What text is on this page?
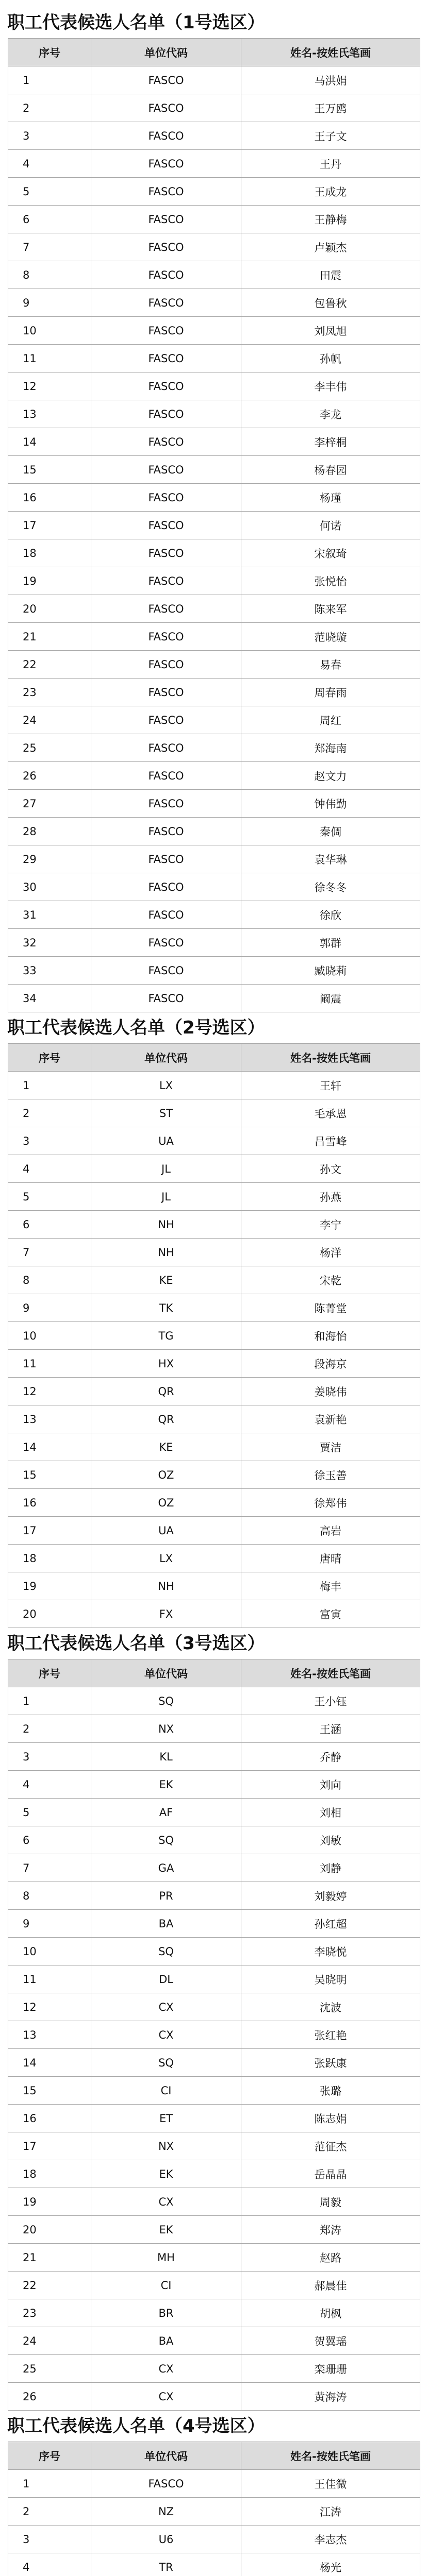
职工代表候选人名单（1号选区）
序号	单位代码	姓名-按姓氏笔画
1	FASCO	马洪娟
2	FASCO	王万鸥
3	FASCO	王子文
4	FASCO	王丹
5	FASCO	王成龙
6	FASCO	王静梅
7	FASCO	卢颖杰
8	FASCO	田震
9	FASCO	包鲁秋
10	FASCO	刘凤旭
11	FASCO	孙帆
12	FASCO	李丰伟
13	FASCO	李龙
14	FASCO	李梓桐
15	FASCO	杨春园
16	FASCO	杨瑾
17	FASCO	何诺
18	FASCO	宋叙琦
19	FASCO	张悦怡
20	FASCO	陈来军
21	FASCO	范晓璇
22	FASCO	易春
23	FASCO	周春雨
24	FASCO	周红
25	FASCO	郑海南
26	FASCO	赵文力
27	FASCO	钟伟勤
28	FASCO	秦倜
29	FASCO	袁华琳
30	FASCO	徐冬冬
31	FASCO	徐欣
32	FASCO	郭群
33	FASCO	臧晓莉
34	FASCO	阚震
职工代表候选人名单（2号选区）
序号	单位代码	姓名-按姓氏笔画
1	LX	王轩
2	ST	毛承恩
3	UA	吕雪峰
4	JL	孙文
5	JL	孙燕
6	NH	李宁
7	NH	杨洋
8	KE	宋乾
9	TK	陈菁堂
10	TG	和海怡
11	HX	段海京
12	QR	姜晓伟
13	QR	袁新艳
14	KE	贾洁
15	OZ	徐玉善
16	OZ	徐郑伟
17	UA	高岩
18	LX	唐晴
19	NH	梅丰
20	FX	富寅
职工代表候选人名单（3号选区）
序号	单位代码	姓名-按姓氏笔画
1	SQ	王小钰
2	NX	王涵
3	KL	乔静
4	EK	刘向
5	AF	刘相
6	SQ	刘敏
7	GA	刘静
8	PR	刘毅婷
9	BA	孙红超
10	SQ	李晓悦
11	DL	吴晓明
12	CX	沈波
13	CX	张红艳
14	SQ	张跃康
15	CI	张璐
16	ET	陈志娟
17	NX	范征杰
18	EK	岳晶晶
19	CX	周毅
20	EK	郑涛
21	MH	赵路
22	CI	郝晨佳
23	BR	胡枫
24	BA	贺翼瑶
25	CX	栾珊珊
26	CX	黄海涛
职工代表候选人名单（4号选区）
序号	单位代码	姓名-按姓氏笔画
1	FASCO	王佳微
2	NZ	江涛
3	U6	李志杰
4	TR	杨光
